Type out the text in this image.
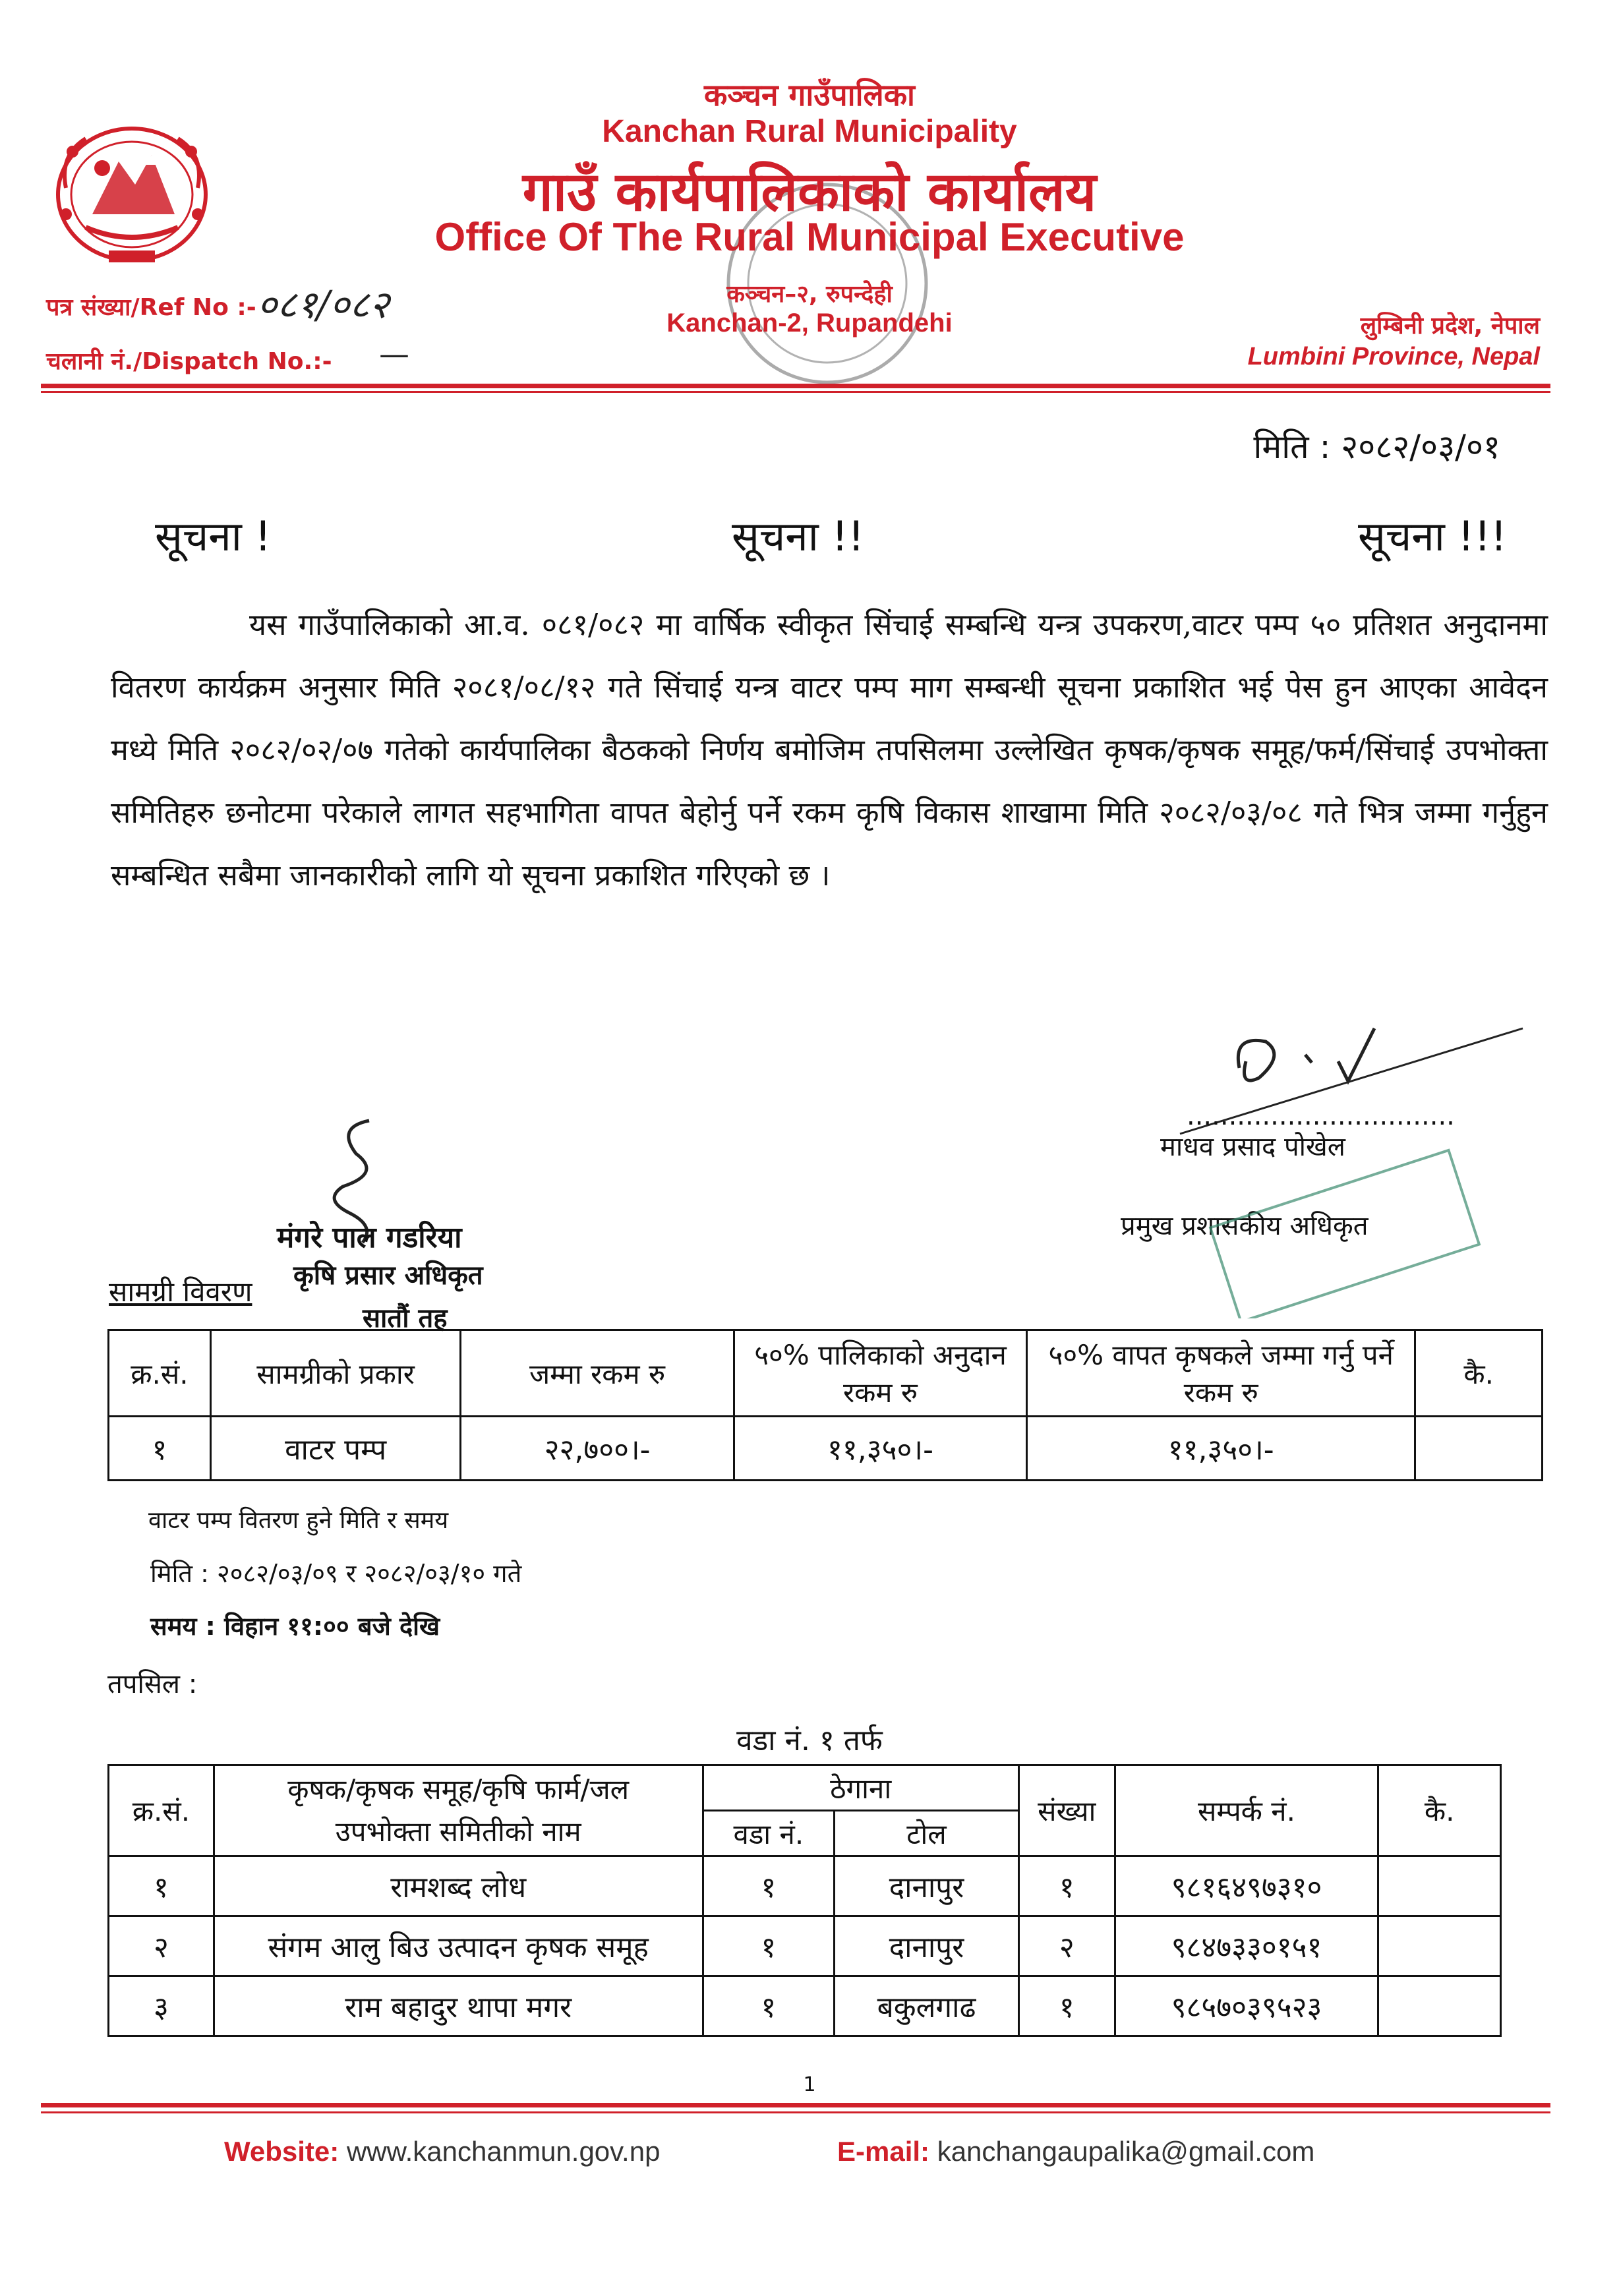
कञ्चन गाउँपालिका
Kanchan Rural Municipality
गाउँ कार्यपालिकाको कार्यालय
Office Of The Rural Municipal Executive
कञ्चन–२, रुपन्देही
Kanchan-2, Rupandehi
पत्र संख्या/Ref No :- ०८१/०८२
चलानी नं./Dispatch No.:- —
लुम्बिनी प्रदेश, नेपाल
Lumbini Province, Nepal
मिति : २०८२/०३/०१
सूचना !	सूचना !!	सूचना !!!
यस गाउँपालिकाको आ.व. ०८१/०८२ मा वार्षिक स्वीकृत सिंचाई सम्बन्धि यन्त्र उपकरण,वाटर पम्प ५० प्रतिशत अनुदानमा वितरण कार्यक्रम अनुसार मिति २०८१/०८/१२ गते सिंचाई यन्त्र वाटर पम्प माग सम्बन्धी सूचना प्रकाशित भई पेस हुन आएका आवेदन मध्ये मिति २०८२/०२/०७ गतेको कार्यपालिका बैठकको निर्णय बमोजिम तपसिलमा उल्लेखित कृषक/कृषक समूह/फर्म/सिंचाई उपभोक्ता समितिहरु छनोटमा परेकाले लागत सहभागिता वापत बेहोर्नु पर्ने रकम कृषि विकास शाखामा मिति २०८२/०३/०८ गते भित्र जम्मा गर्नुहुन सम्बन्धित सबैमा जानकारीको लागि यो सूचना प्रकाशित गरिएको छ ।
................................
माधव प्रसाद पोखेल
प्रमुख प्रशासकीय अधिकृत
मंगरे पाल गडरिया
कृषि प्रसार अधिकृत
सातौं तह
सामग्री विवरण
क्र.सं.	सामग्रीको प्रकार	जम्मा रकम रु	५०% पालिकाको अनुदान रकम रु	५०% वापत कृषकले जम्मा गर्नु पर्ने रकम रु	कै.
१	वाटर पम्प	२२,७००।-	११,३५०।-	११,३५०।-	
वाटर पम्प वितरण हुने मिति र समय
मिति : २०८२/०३/०९ र २०८२/०३/१० गते
समय : विहान ११:०० बजे देखि
तपसिल :
वडा नं. १ तर्फ
क्र.सं.	कृषक/कृषक समूह/कृषि फार्म/जल उपभोक्ता समितीको नाम	ठेगाना		संख्या	सम्पर्क नं.	कै.
		वडा नं.	टोल			
१	रामशब्द लोध	१	दानापुर	१	९८१६४९७३१०	
२	संगम आलु बिउ उत्पादन कृषक समूह	१	दानापुर	२	९८४७३३०१५१	
३	राम बहादुर थापा मगर	१	बकुलगाढ	१	९८५७०३९५२३	
1
Website: www.kanchanmun.gov.np	E-mail: kanchangaupalika@gmail.com
